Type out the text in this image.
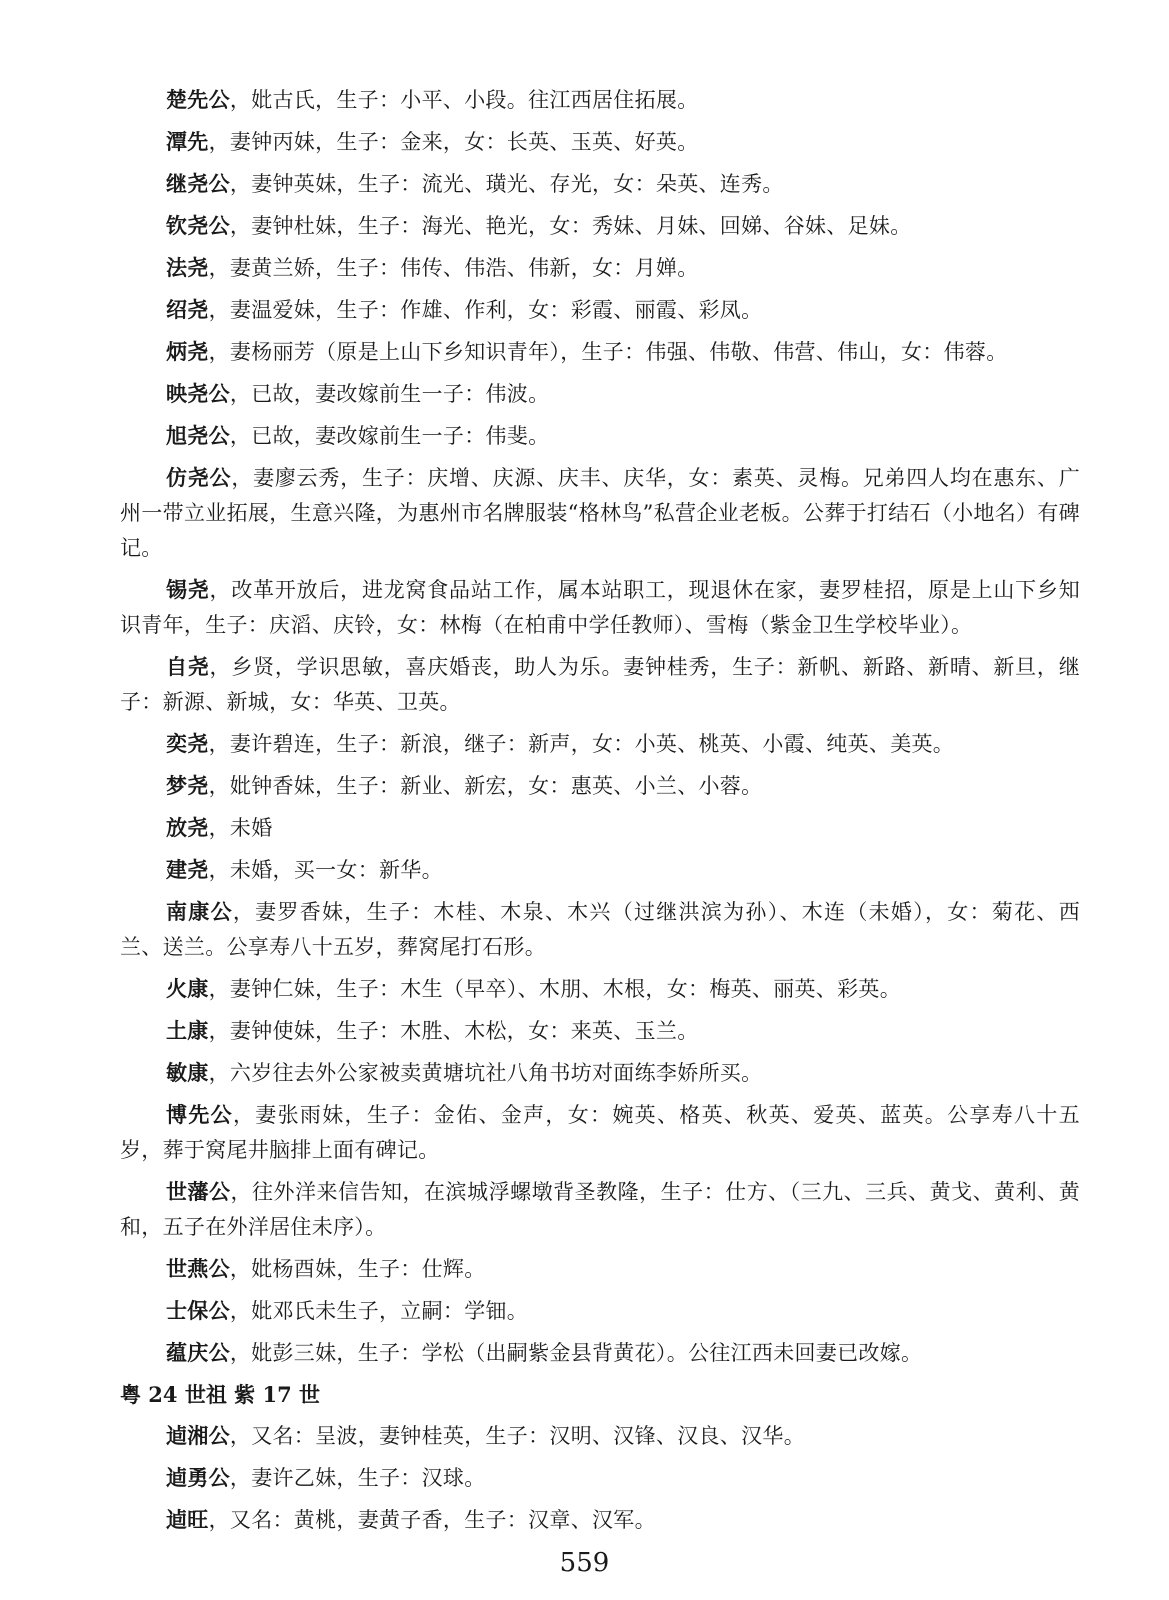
楚先公，妣古氏，生子：小平、小段。往江西居住拓展。

潭先，妻钟丙妹，生子：金来，女：长英、玉英、好英。

继尧公，妻钟英妹，生子：流光、璜光、存光，女：朵英、连秀。

钦尧公，妻钟杜妹，生子：海光、艳光，女：秀妹、月妹、回娣、谷妹、足妹。

法尧，妻黄兰娇，生子：伟传、伟浩、伟新，女：月婵。

绍尧，妻温爱妹，生子：作雄、作利，女：彩霞、丽霞、彩凤。

炳尧，妻杨丽芳（原是上山下乡知识青年），生子：伟强、伟敬、伟营、伟山，女：伟蓉。

映尧公，已故，妻改嫁前生一子：伟波。

旭尧公，已故，妻改嫁前生一子：伟斐。

仿尧公，妻廖云秀，生子：庆增、庆源、庆丰、庆华，女：素英、灵梅。兄弟四人均在惠东、广州一带立业拓展，生意兴隆，为惠州市名牌服装“格林鸟”私营企业老板。公葬于打结石（小地名）有碑记。

锡尧，改革开放后，进龙窝食品站工作，属本站职工，现退休在家，妻罗桂招，原是上山下乡知识青年，生子：庆滔、庆铃，女：林梅（在柏甫中学任教师）、雪梅（紫金卫生学校毕业）。

自尧，乡贤，学识思敏，喜庆婚丧，助人为乐。妻钟桂秀，生子：新帆、新路、新晴、新旦，继子：新源、新城，女：华英、卫英。

奕尧，妻许碧连，生子：新浪，继子：新声，女：小英、桃英、小霞、纯英、美英。

梦尧，妣钟香妹，生子：新业、新宏，女：惠英、小兰、小蓉。

放尧，未婚

建尧，未婚，买一女：新华。

南康公，妻罗香妹，生子：木桂、木泉、木兴（过继洪滨为孙）、木连（未婚），女：菊花、西兰、送兰。公享寿八十五岁，葬窝尾打石形。

火康，妻钟仁妹，生子：木生（早卒）、木朋、木根，女：梅英、丽英、彩英。

土康，妻钟使妹，生子：木胜、木松，女：来英、玉兰。

敏康，六岁往去外公家被卖黄塘坑社八角书坊对面练李娇所买。

博先公，妻张雨妹，生子：金佑、金声，女：婉英、格英、秋英、爱英、蓝英。公享寿八十五岁，葬于窝尾井脑排上面有碑记。

世藩公，往外洋来信告知，在滨城浮螺墩背圣教隆，生子：仕方、（三九、三兵、黄戈、黄利、黄和，五子在外洋居住未序）。

世燕公，妣杨酉妹，生子：仕辉。

士保公，妣邓氏未生子，立嗣：学钿。

蕴庆公，妣彭三妹，生子：学松（出嗣紫金县背黄花）。公往江西未回妻已改嫁。

粤 24 世祖 紫 17 世

逌湘公，又名：呈波，妻钟桂英，生子：汉明、汉锋、汉良、汉华。

逌勇公，妻许乙妹，生子：汉球。

逌旺，又名：黄桃，妻黄子香，生子：汉章、汉军。

559
